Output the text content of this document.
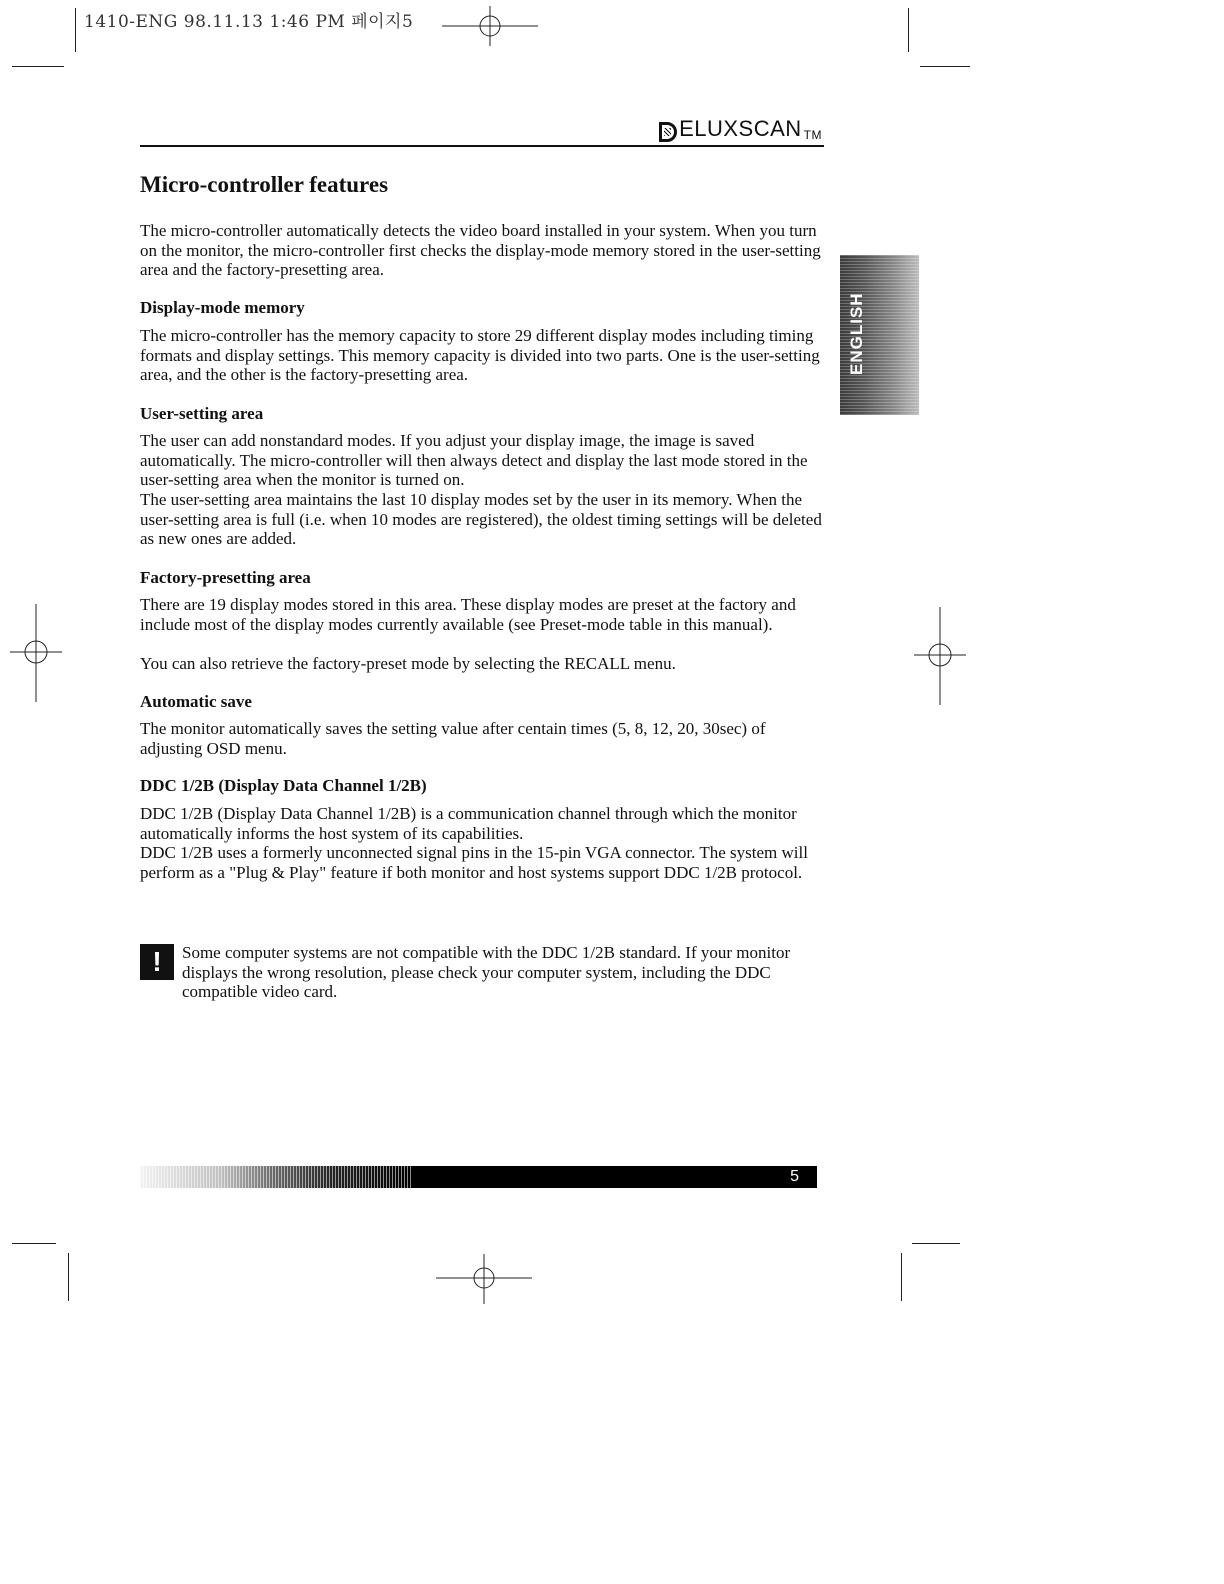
1410-ENG 98.11.13 1:46 PM 페이지5
ELUXSCAN TM
ENGLISH
Micro-controller features

The micro-controller automatically detects the video board installed in your system. When you turn on the monitor, the micro-controller first checks the display-mode memory stored in the user-setting area and the factory-presetting area.

Display-mode memory

The micro-controller has the memory capacity to store 29 different display modes including timing formats and display settings. This memory capacity is divided into two parts. One is the user-setting area, and the other is the factory-presetting area.

User-setting area

The user can add nonstandard modes. If you adjust your display image, the image is saved automatically. The micro-controller will then always detect and display the last mode stored in the user-setting area when the monitor is turned on.

The user-setting area maintains the last 10 display modes set by the user in its memory. When the user-setting area is full (i.e. when 10 modes are registered), the oldest timing settings will be deleted as new ones are added.

Factory-presetting area

There are 19 display modes stored in this area. These display modes are preset at the factory and include most of the display modes currently available (see Preset-mode table in this manual).

You can also retrieve the factory-preset mode by selecting the RECALL menu.

Automatic save

The monitor automatically saves the setting value after centain times (5, 8, 12, 20, 30sec) of adjusting OSD menu.

DDC 1/2B (Display Data Channel 1/2B)

DDC 1/2B (Display Data Channel 1/2B) is a communication channel through which the monitor automatically informs the host system of its capabilities.

DDC 1/2B uses a formerly unconnected signal pins in the 15-pin VGA connector. The system will perform as a "Plug & Play" feature if both monitor and host systems support DDC 1/2B protocol.

!	Some computer systems are not compatible with the DDC 1/2B standard. If your monitor displays the wrong resolution, please check your computer system, including the DDC compatible video card.

5
